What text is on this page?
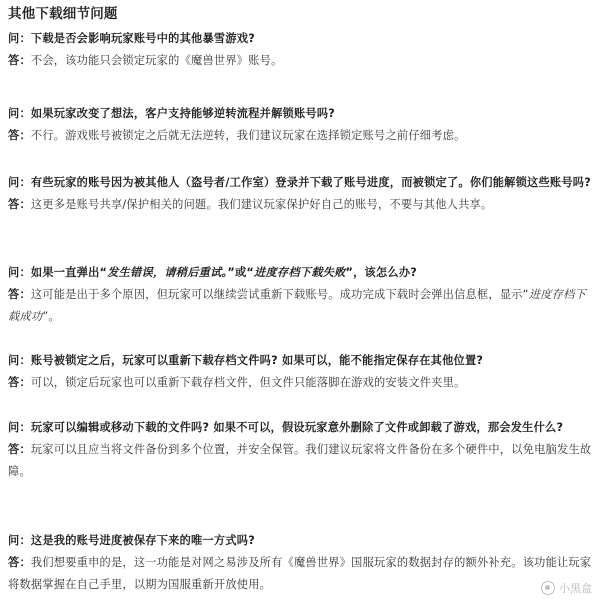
其他下载细节问题
问：下载是否会影响玩家账号中的其他暴雪游戏?
答：不会，该功能只会锁定玩家的《魔兽世界》账号。
问：如果玩家改变了想法，客户支持能够逆转流程并解锁账号吗?
答：不行。游戏账号被锁定之后就无法逆转，我们建议玩家在选择锁定账号之前仔细考虑。
问：有些玩家的账号因为被其他人（盗号者/工作室）登录并下载了账号进度，而被锁定了。你们能解锁这些账号吗?
答：这更多是账号共享/保护相关的问题。我们建议玩家保护好自己的账号，不要与其他人共享。
问：如果一直弹出“发生错误，请稍后重试。”或“进度存档下载失败”，该怎么办?
答：这可能是出于多个原因，但玩家可以继续尝试重新下载账号。成功完成下载时会弹出信息框，显示“进度存档下载成功”。
问：账号被锁定之后，玩家可以重新下载存档文件吗? 如果可以，能不能指定保存在其他位置?
答：可以，锁定后玩家也可以重新下载存档文件，但文件只能落脚在游戏的安装文件夹里。
问：玩家可以编辑或移动下载的文件吗? 如果不可以，假设玩家意外删除了文件或卸载了游戏，那会发生什么?
答：玩家可以且应当将文件备份到多个位置，并安全保管。我们建议玩家将文件备份在多个硬件中，以免电脑发生故障。
问：这是我的账号进度被保存下来的唯一方式吗?
答：我们想要重申的是，这一功能是对网之易涉及所有《魔兽世界》国服玩家的数据封存的额外补充。该功能让玩家将数据掌握在自己手里，以期为国服重新开放使用。	小黑盒
